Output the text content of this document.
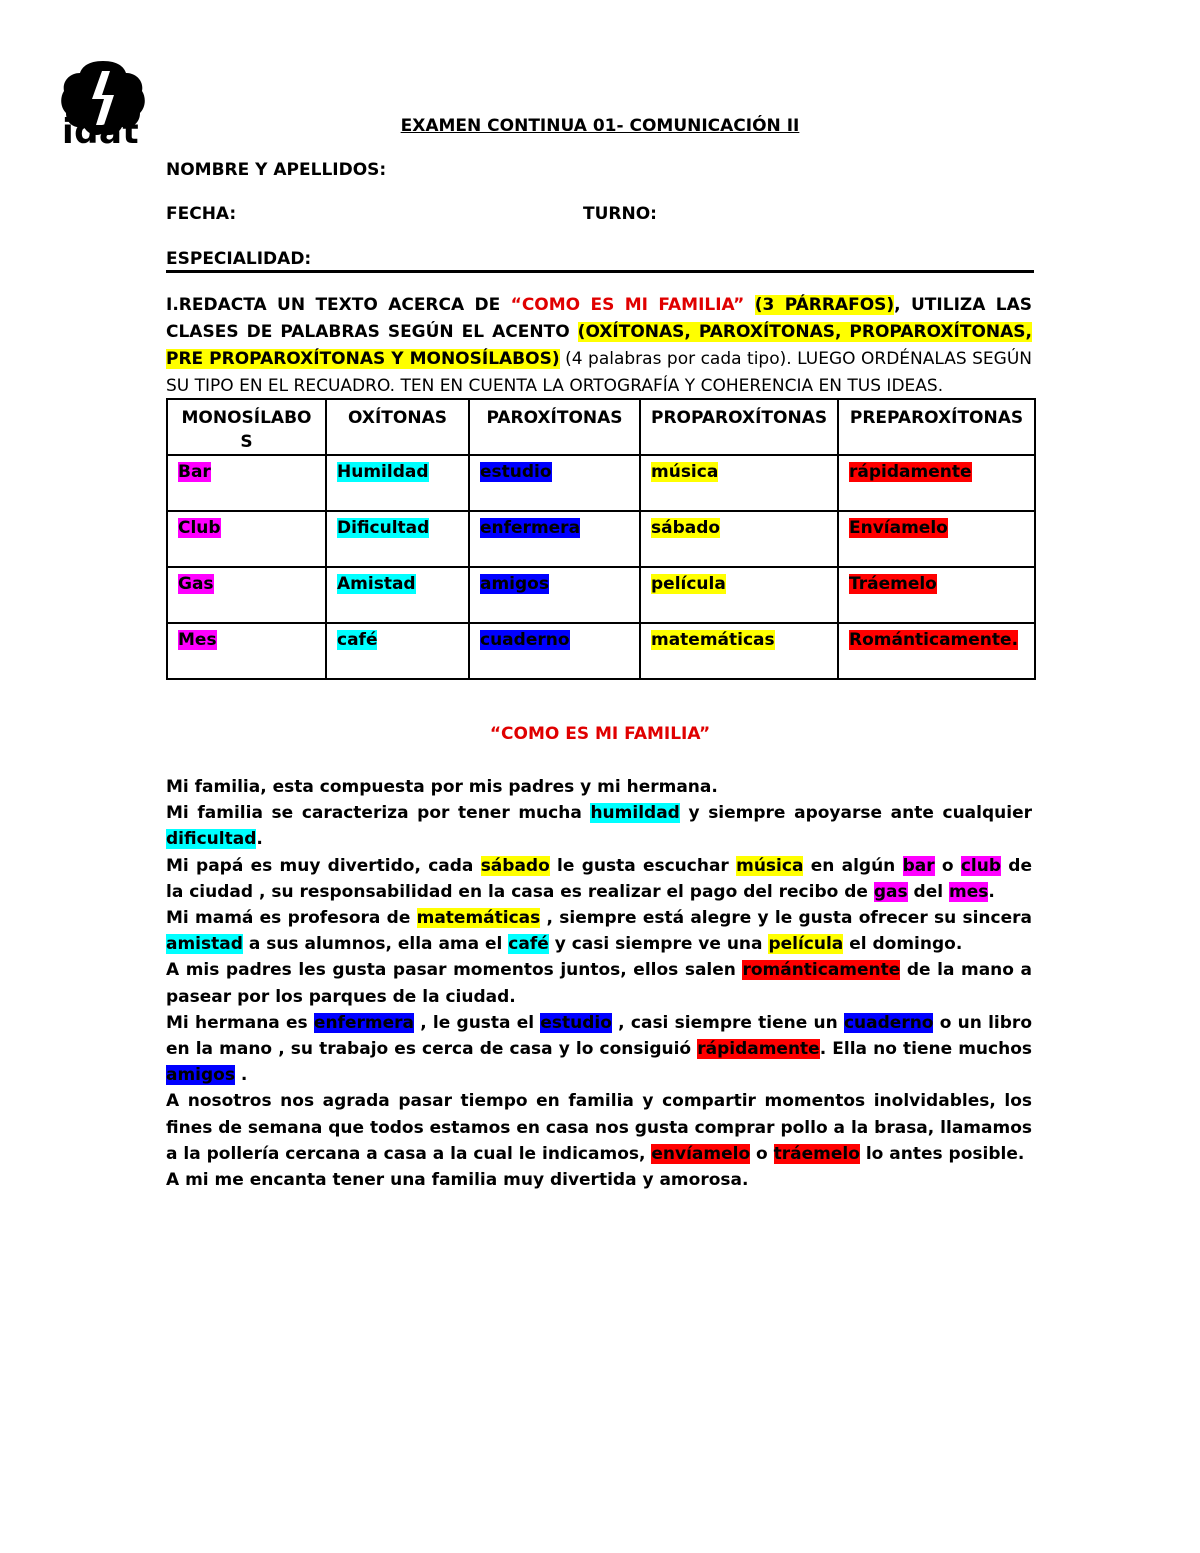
idat	EXAMEN CONTINUA 01- COMUNICACIÓN II
NOMBRE Y APELLIDOS:
FECHA:	TURNO:
ESPECIALIDAD:
I.REDACTA UN TEXTO ACERCA DE “COMO ES MI FAMILIA” (3 PÁRRAFOS), UTILIZA LAS CLASES DE PALABRAS SEGÚN EL ACENTO (OXÍTONAS, PAROXÍTONAS, PROPAROXÍTONAS, PRE PROPAROXÍTONAS Y MONOSÍLABOS) (4 palabras por cada tipo). LUEGO ORDÉNALAS SEGÚN SU TIPO EN EL RECUADRO. TEN EN CUENTA LA ORTOGRAFÍA Y COHERENCIA EN TUS IDEAS.
MONOSÍLABO S	OXÍTONAS	PAROXÍTONAS	PROPAROXÍTONAS	PREPAROXÍTONAS

Bar	Humildad	estudio	música	rápidamente
Club	Dificultad	enfermera	sábado	Envíamelo
Gas	Amistad	amigos	película	Tráemelo
Mes	café	cuaderno	matemáticas	Románticamente.
“COMO ES MI FAMILIA”

Mi familia, esta compuesta por mis padres y mi hermana.

Mi familia se caracteriza por tener mucha humildad y siempre apoyarse ante cualquier dificultad.

Mi papá es muy divertido, cada sábado le gusta escuchar música en algún bar o club de la ciudad , su responsabilidad en la casa es realizar el pago del recibo de gas del mes.

Mi mamá es profesora de matemáticas , siempre está alegre y le gusta ofrecer su sincera amistad a sus alumnos, ella ama el café y casi siempre ve una película el domingo.

A mis padres les gusta pasar momentos juntos, ellos salen románticamente de la mano a pasear por los parques de la ciudad.

Mi hermana es enfermera , le gusta el estudio , casi siempre tiene un cuaderno o un libro en la mano , su trabajo es cerca de casa y lo consiguió rápidamente. Ella no tiene muchos amigos .

A nosotros nos agrada pasar tiempo en familia y compartir momentos inolvidables, los fines de semana que todos estamos en casa nos gusta comprar pollo a la brasa, llamamos a la pollería cercana a casa a la cual le indicamos, envíamelo o tráemelo lo antes posible.

A mi me encanta tener una familia muy divertida y amorosa.
